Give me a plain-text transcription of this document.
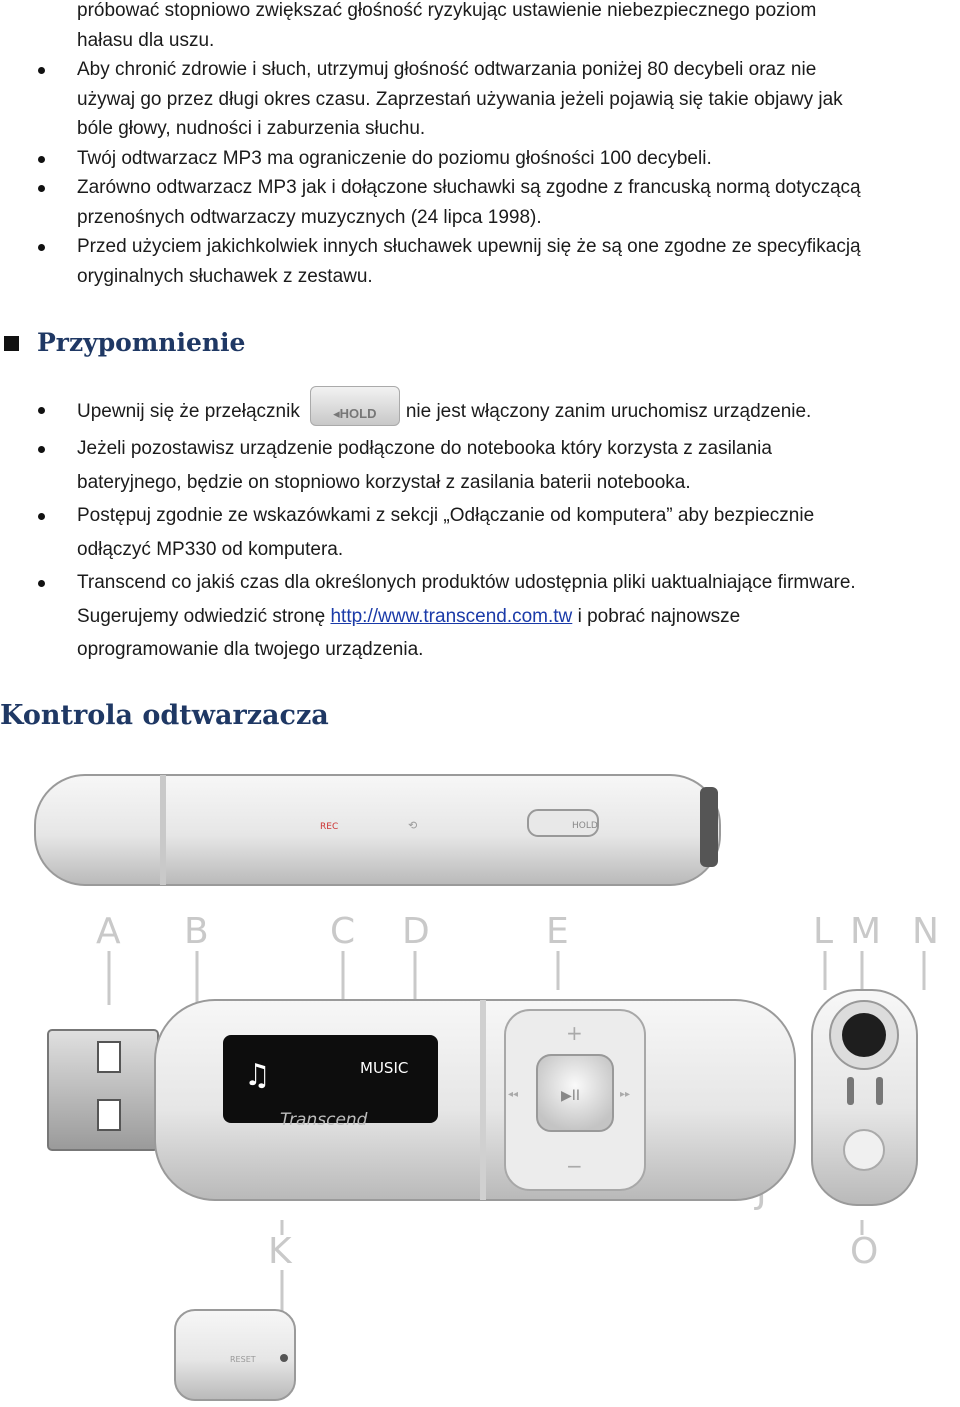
próbować stopniowo zwiększać głośność ryzykując ustawienie niebezpiecznego poziom
hałasu dla uszu.
Aby chronić zdrowie i słuch, utrzymuj głośność odtwarzania poniżej 80 decybeli oraz nie
używaj go przez długi okres czasu. Zaprzestań używania jeżeli pojawią się takie objawy jak
bóle głowy, nudności i zaburzenia słuchu.
Twój odtwarzacz MP3 ma ograniczenie do poziomu głośności 100 decybeli.
Zarówno odtwarzacz MP3 jak i dołączone słuchawki są zgodne z francuską normą dotyczącą
przenośnych odtwarzaczy muzycznych (24 lipca 1998).
Przed użyciem jakichkolwiek innych słuchawek upewnij się że są one zgodne ze specyfikacją
oryginalnych słuchawek z zestawu.
Przypomnienie
Upewnij się że przełącznik	◂HOLD	nie jest włączony zanim uruchomisz urządzenie.
Jeżeli pozostawisz urządzenie podłączone do notebooka który korzysta z zasilania
bateryjnego, będzie on stopniowo korzystał z zasilania baterii notebooka.
Postępuj zgodnie ze wskazówkami z sekcji „Odłączanie od komputera” aby bezpiecznie
odłączyć MP330 od komputera.
Transcend co jakiś czas dla określonych produktów udostępnia pliki uaktualniające firmware.
Sugerujemy odwiedzić stronę http://www.transcend.com.tw i pobrać najnowsze
oprogramowanie dla twojego urządzenia.
Kontrola odtwarzacza
HOLD
REC	⟲
A B	C D	E	L M N
K	O
MUSIC
♫
Transcend
▶II
+
−
◂◂	▸▸
RESET
